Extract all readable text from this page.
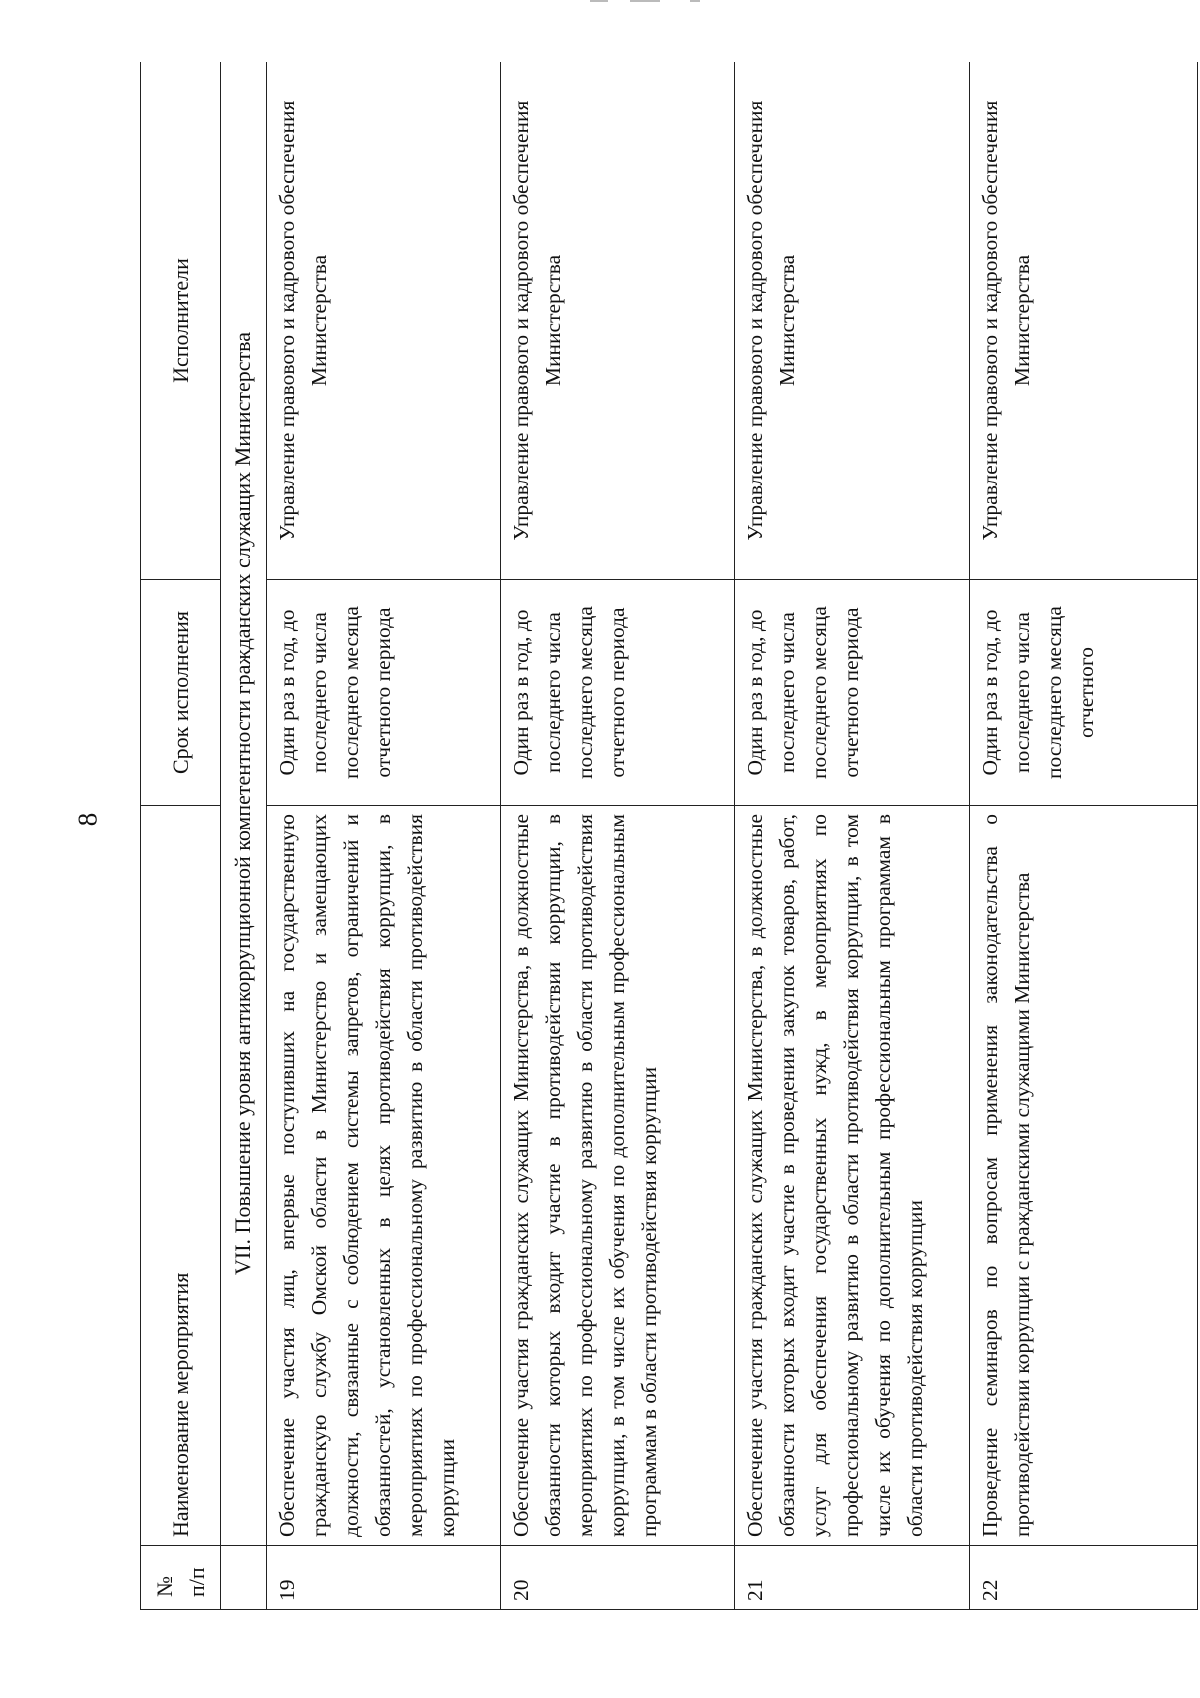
8
№ п/п	Наименование мероприятия	Срок исполнения	Исполнители
	VII. Повышение уровня антикоррупционной компетентности гражданских служащих Министерства		
19	Обеспечение участия лиц, впервые поступивших на государственную гражданскую службу Омской области в Министерство и замещающих должности, связанные с соблюдением системы запретов, ограничений и обязанностей, установленных в целях противодействия коррупции, в мероприятиях по профессиональному развитию в области противодействия коррупции	Один раз в год, до последнего числа последнего месяца отчетного периода	Управление правового и кадрового обеспечения Министерства
20	Обеспечение участия гражданских служащих Министерства, в должностные обязанности которых входит участие в противодействии коррупции, в мероприятиях по профессиональному развитию в области противодействия коррупции, в том числе их обучения по дополнительным профессиональным программам в области противодействия коррупции	Один раз в год, до последнего числа последнего месяца отчетного периода	Управление правового и кадрового обеспечения Министерства
21	Обеспечение участия гражданских служащих Министерства, в должностные обязанности которых входит участие в проведении закупок товаров, работ, услуг для обеспечения государственных нужд, в мероприятиях по профессиональному развитию в области противодействия коррупции, в том числе их обучения по дополнительным профессиональным программам в области противодействия коррупции	Один раз в год, до последнего числа последнего месяца отчетного периода	Управление правового и кадрового обеспечения Министерства
22	Проведение семинаров по вопросам применения законодательства о противодействии коррупции с гражданскими служащими Министерства	Один раз в год, до последнего числа последнего месяца отчетного	Управление правового и кадрового обеспечения Министерства
